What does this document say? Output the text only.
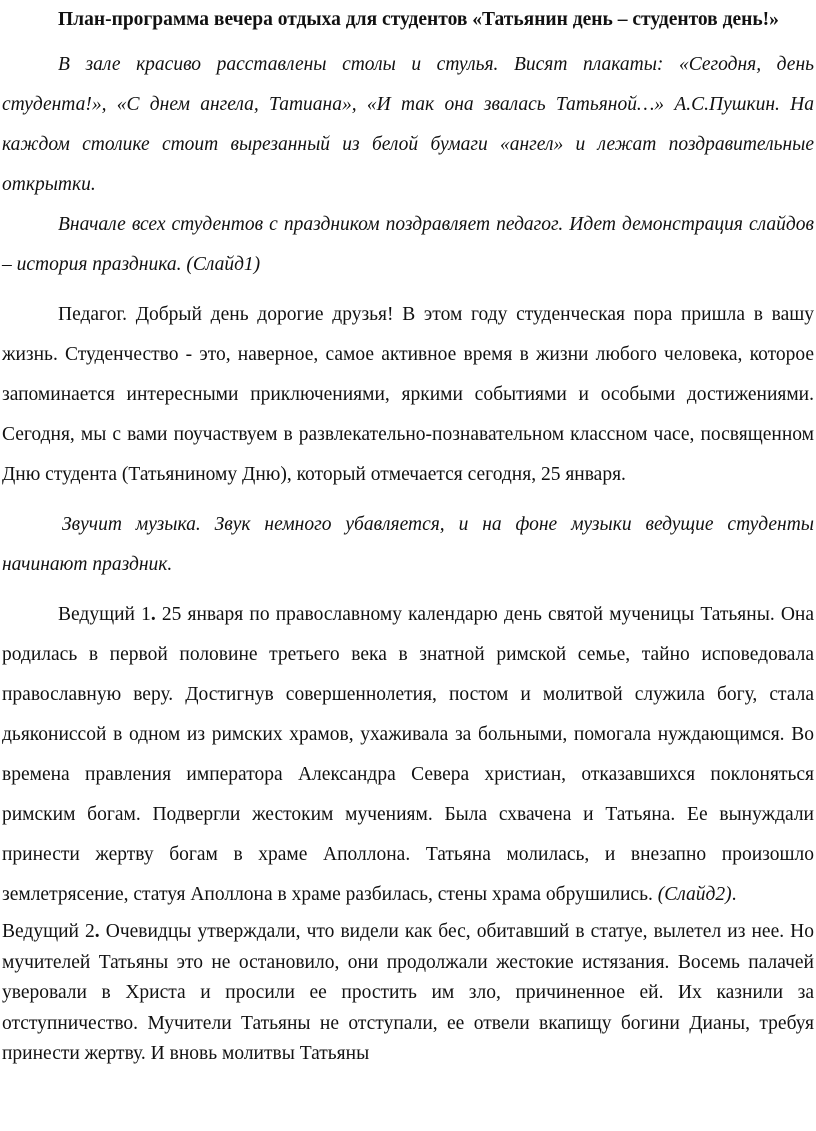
План-программа вечера отдыха для студентов «Татьянин день – студентов день!»

В зале красиво расставлены столы и стулья. Висят плакаты: «Сегодня, день студента!», «С днем ангела, Татиана», «И так она звалась Татьяной…» А.С.Пушкин. На каждом столике стоит вырезанный из белой бумаги «ангел» и лежат поздравительные открытки.

Вначале всех студентов с праздником поздравляет педагог. Идет демонстрация слайдов – история праздника. (Слайд1)

Педагог. Добрый день дорогие друзья! В этом году студенческая пора пришла в вашу жизнь. Студенчество - это, наверное, самое активное время в жизни любого человека, которое запоминается интересными приключениями, яркими событиями и особыми достижениями. Сегодня, мы с вами поучаствуем в развлекательно-познавательном классном часе, посвященном Дню студента (Татьяниному Дню), который отмечается сегодня, 25 января.

Звучит музыка. Звук немного убавляется, и на фоне музыки ведущие студенты начинают праздник.

Ведущий 1. 25 января по православному календарю день святой мученицы Татьяны. Она родилась в первой половине третьего века в знатной римской семье, тайно исповедовала православную веру. Достигнув совершеннолетия, постом и молитвой служила богу, стала дьякониссой в одном из римских храмов, ухаживала за больными, помогала нуждающимся. Во времена правления императора Александра Севера христиан, отказавшихся поклоняться римским богам. Подвергли жестоким мучениям. Была схвачена и Татьяна. Ее вынуждали принести жертву богам в храме Аполлона. Татьяна молилась, и внезапно произошло землетрясение, статуя Аполлона в храме разбилась, стены храма обрушились. (Слайд2).

Ведущий 2. Очевидцы утверждали, что видели как бес, обитавший в статуе, вылетел из нее. Но мучителей Татьяны это не остановило, они продолжали жестокие истязания. Восемь палачей уверовали в Христа и просили ее простить им зло, причиненное ей. Их казнили за отступничество. Мучители Татьяны не отступали, ее отвели вкапищу богини Дианы, требуя принести жертву. И вновь молитвы Татьяны
